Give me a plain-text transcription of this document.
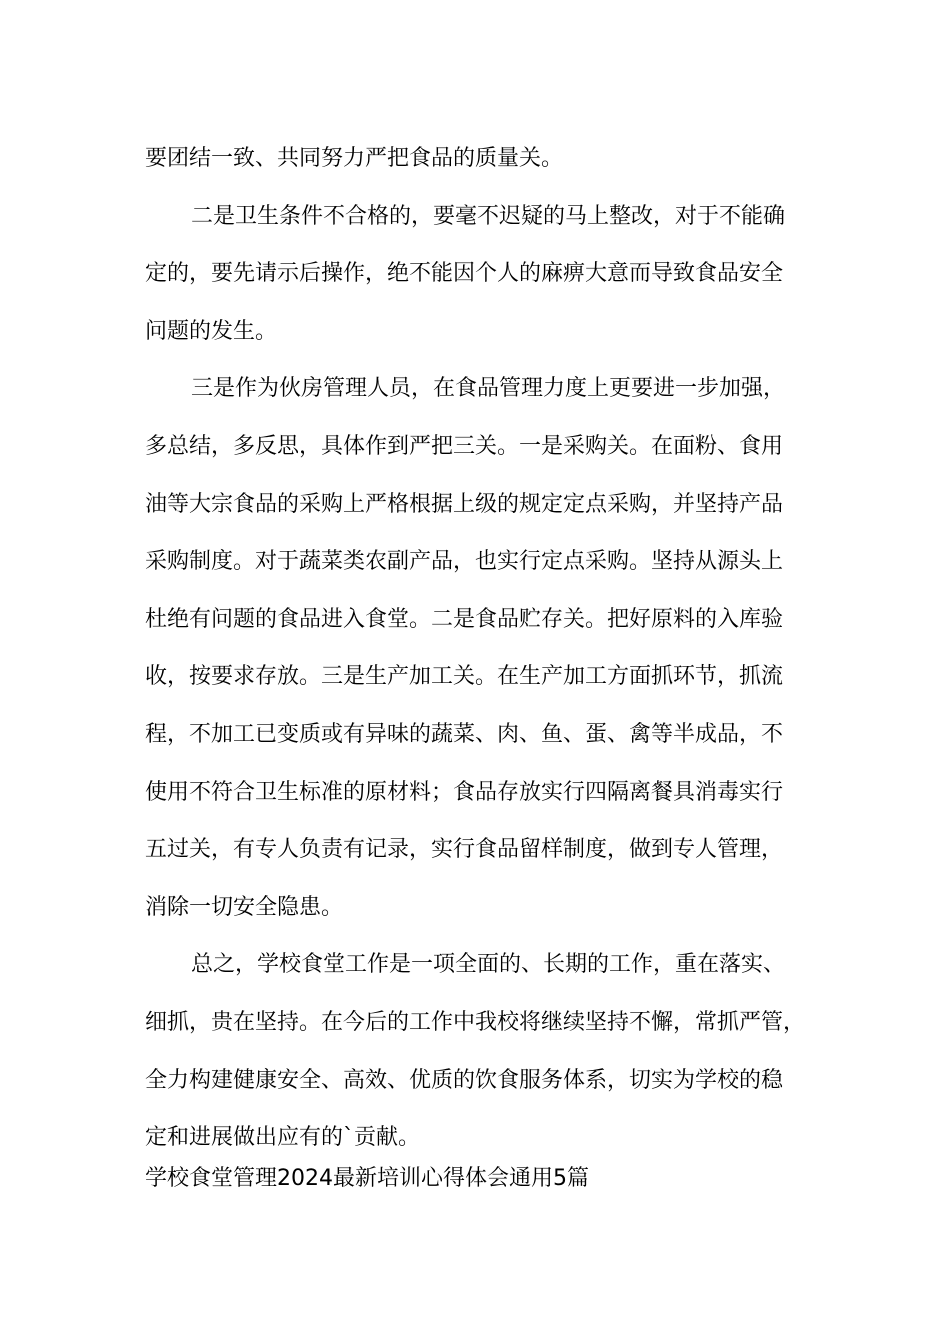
要团结一致、共同努力严把食品的质量关。
二是卫生条件不合格的，要毫不迟疑的马上整改，对于不能确
定的，要先请示后操作，绝不能因个人的麻痹大意而导致食品安全
问题的发生。
三是作为伙房管理人员，在食品管理力度上更要进一步加强，
多总结，多反思，具体作到严把三关。一是采购关。在面粉、食用
油等大宗食品的采购上严格根据上级的规定定点采购，并坚持产品
采购制度。对于蔬菜类农副产品，也实行定点采购。坚持从源头上
杜绝有问题的食品进入食堂。二是食品贮存关。把好原料的入库验
收，按要求存放。三是生产加工关。在生产加工方面抓环节，抓流
程，不加工已变质或有异味的蔬菜、肉、鱼、蛋、禽等半成品，不
使用不符合卫生标准的原材料；食品存放实行四隔离餐具消毒实行
五过关，有专人负责有记录，实行食品留样制度，做到专人管理，
消除一切安全隐患。
总之，学校食堂工作是一项全面的、长期的工作，重在落实、
细抓，贵在坚持。在今后的工作中我校将继续坚持不懈，常抓严管，
全力构建健康安全、高效、优质的饮食服务体系，切实为学校的稳
定和进展做出应有的`贡献。
学校食堂管理2024最新培训心得体会通用5篇
